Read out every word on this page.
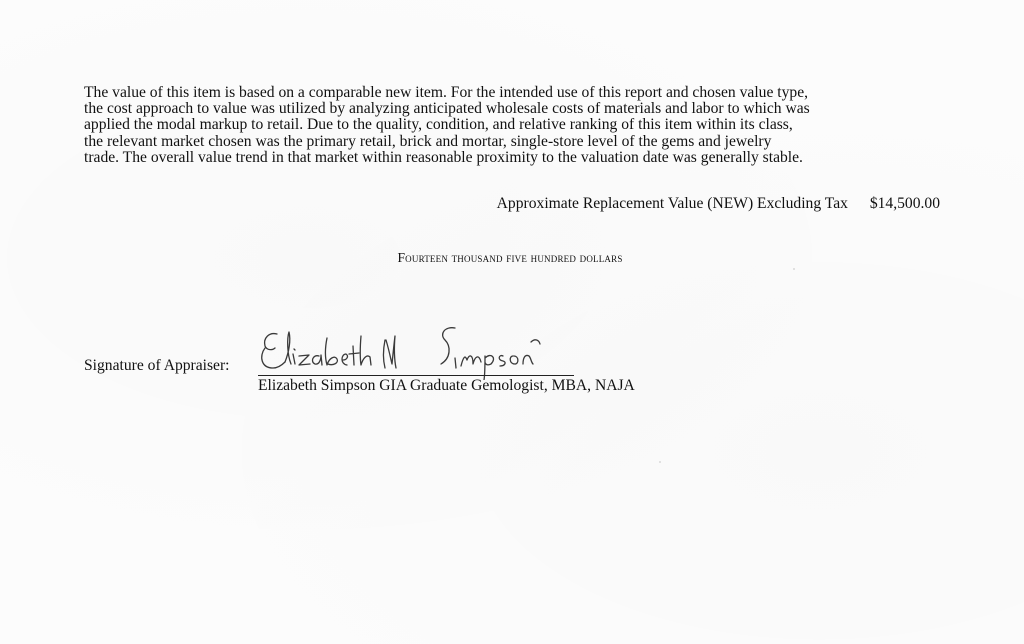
The value of this item is based on a comparable new item. For the intended use of this report and chosen value type,
the cost approach to value was utilized by analyzing anticipated wholesale costs of materials and labor to which was
applied the modal markup to retail. Due to the quality, condition, and relative ranking of this item within its class,
the relevant market chosen was the primary retail, brick and mortar, single-store level of the gems and jewelry
trade. The overall value trend in that market within reasonable proximity to the valuation date was generally stable.
Approximate Replacement Value (NEW) Excluding Tax $14,500.00
Fourteen thousand five hundred dollars
Signature of Appraiser:
Elizabeth Simpson GIA Graduate Gemologist, MBA, NAJA
